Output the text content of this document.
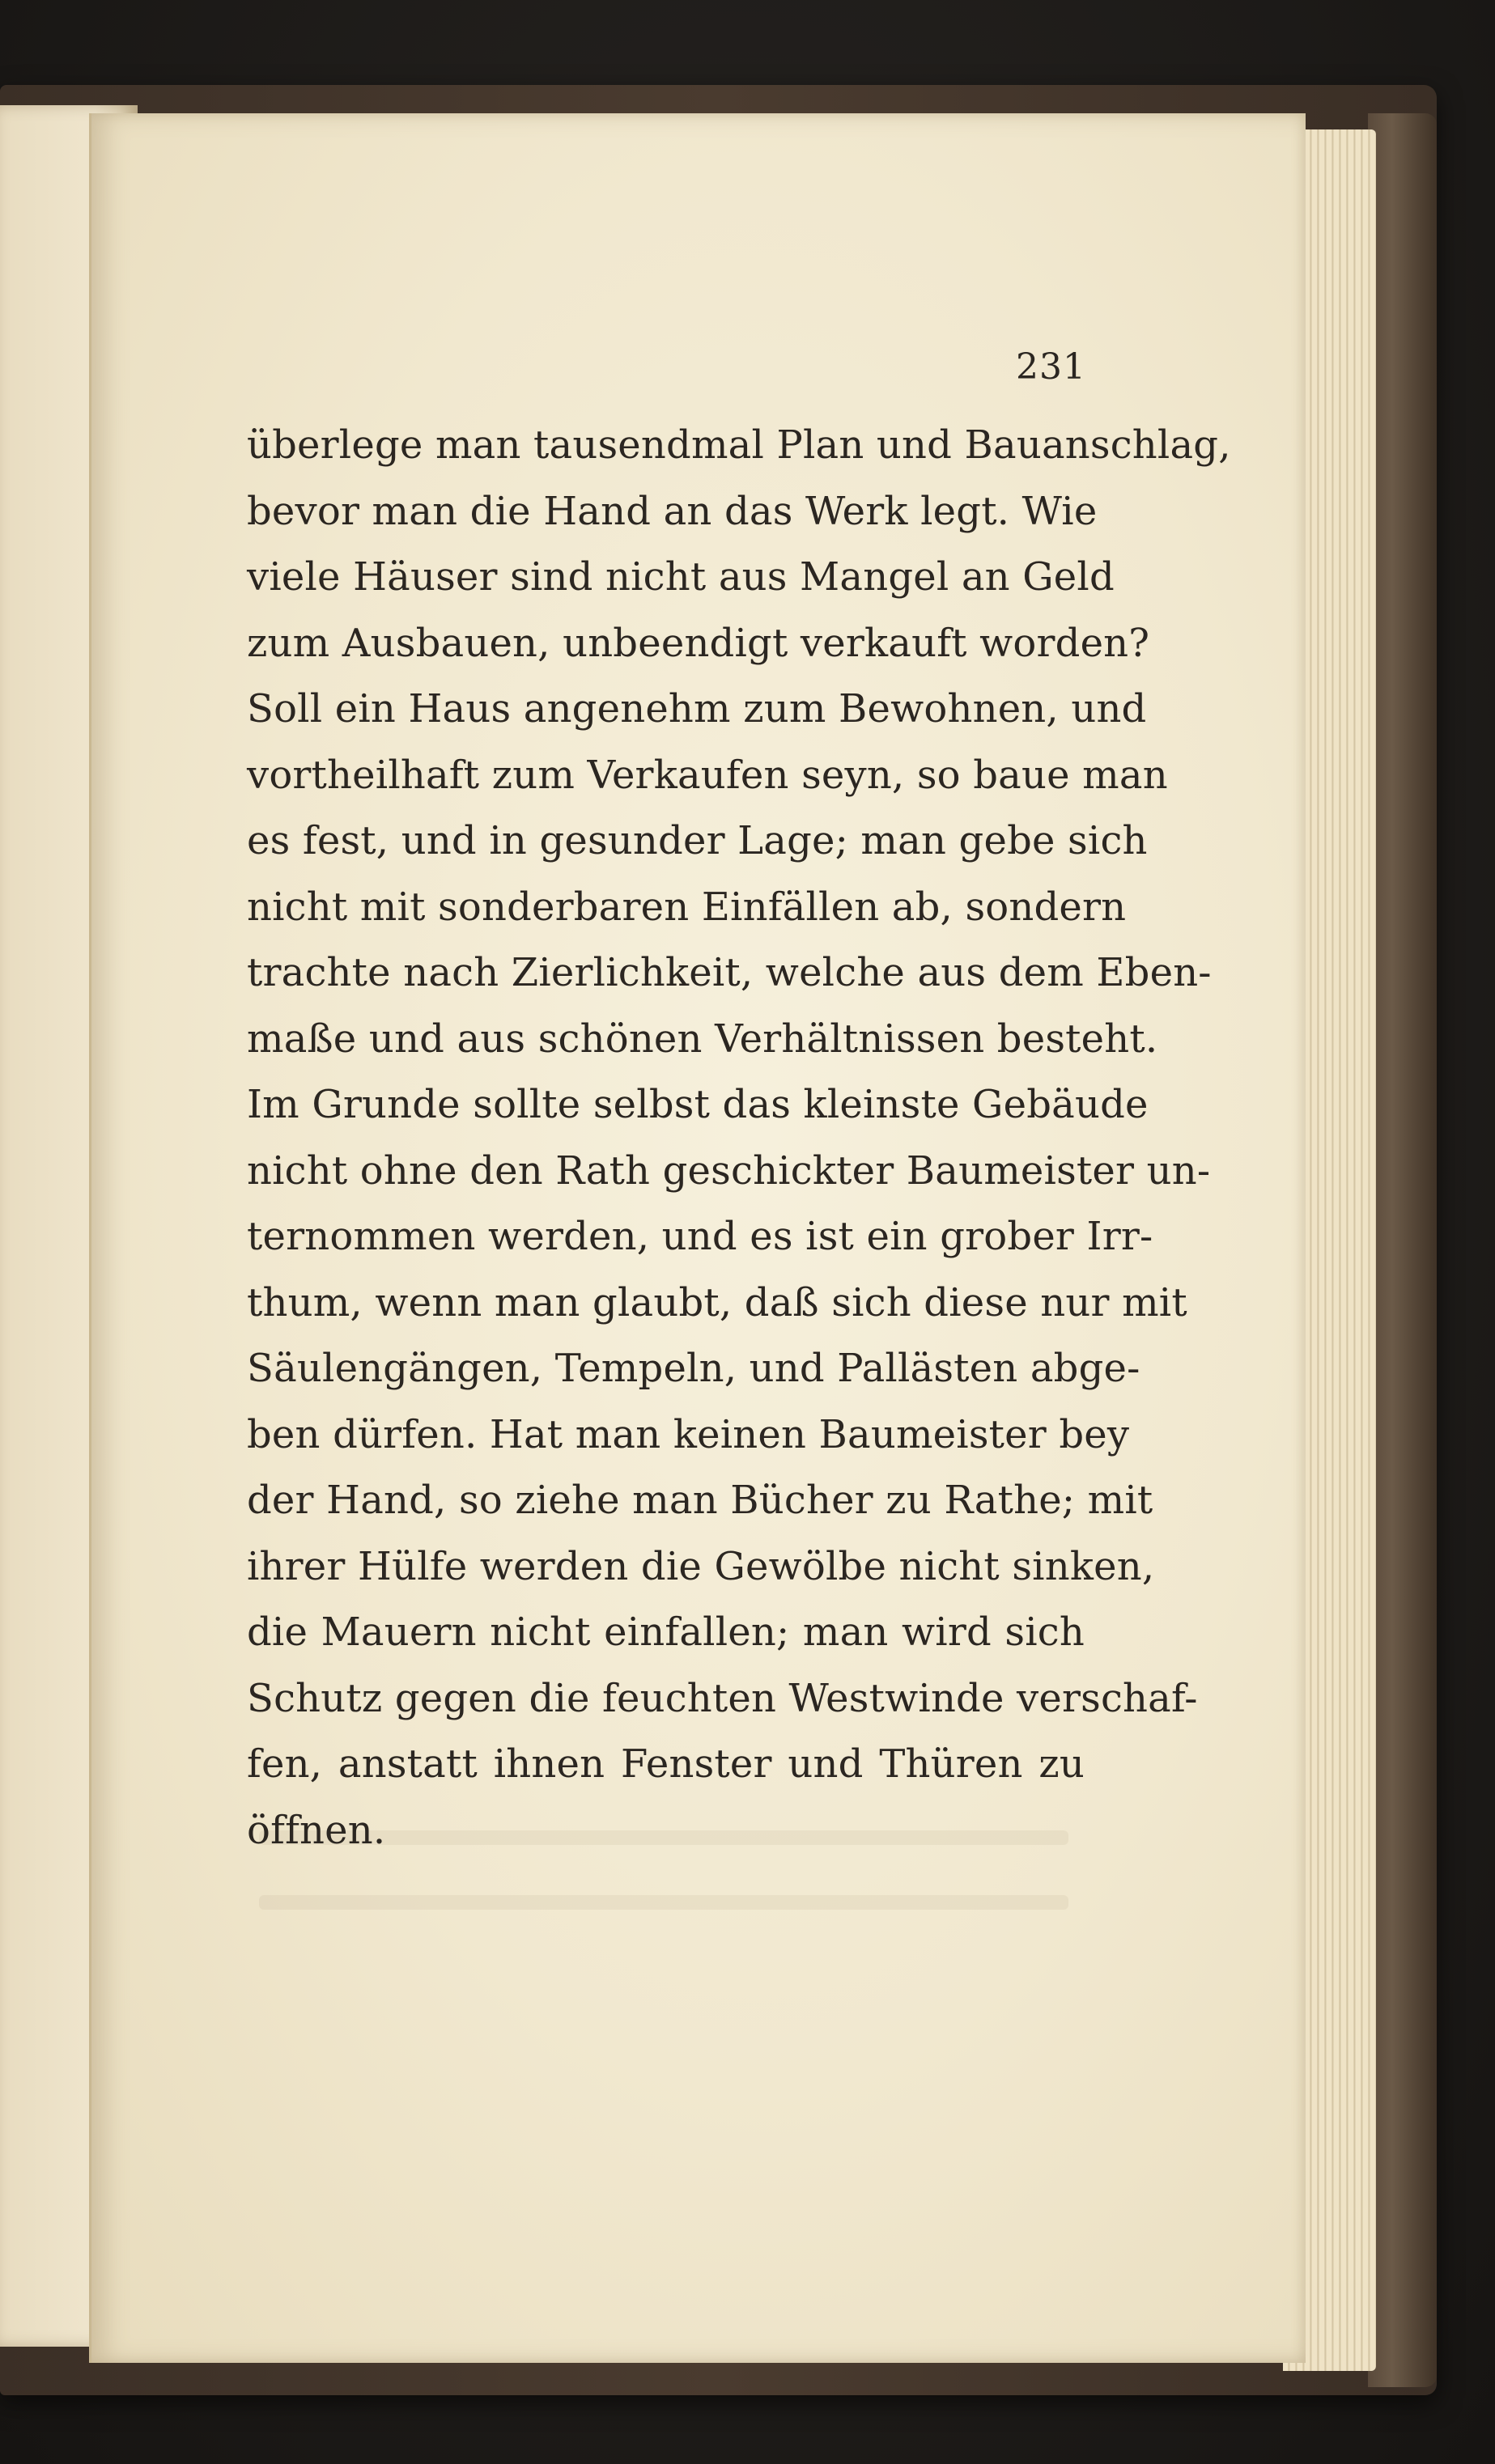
231
überlege man tausendmal Plan und Bauanschlag,
bevor man die Hand an das Werk legt. Wie
viele Häuser sind nicht aus Mangel an Geld
zum Ausbauen, unbeendigt verkauft worden?
Soll ein Haus angenehm zum Bewohnen, und
vortheilhaft zum Verkaufen seyn, so baue man
es fest, und in gesunder Lage; man gebe sich
nicht mit sonderbaren Einfällen ab, sondern
trachte nach Zierlichkeit, welche aus dem Eben-
maße und aus schönen Verhältnissen besteht.
Im Grunde sollte selbst das kleinste Gebäude
nicht ohne den Rath geschickter Baumeister un-
ternommen werden, und es ist ein grober Irr-
thum, wenn man glaubt, daß sich diese nur mit
Säulengängen, Tempeln, und Pallästen abge-
ben dürfen. Hat man keinen Baumeister bey
der Hand, so ziehe man Bücher zu Rathe; mit
ihrer Hülfe werden die Gewölbe nicht sinken,
die Mauern nicht einfallen; man wird sich
Schutz gegen die feuchten Westwinde verschaf-
fen, anstatt ihnen Fenster und Thüren zu
öffnen.
